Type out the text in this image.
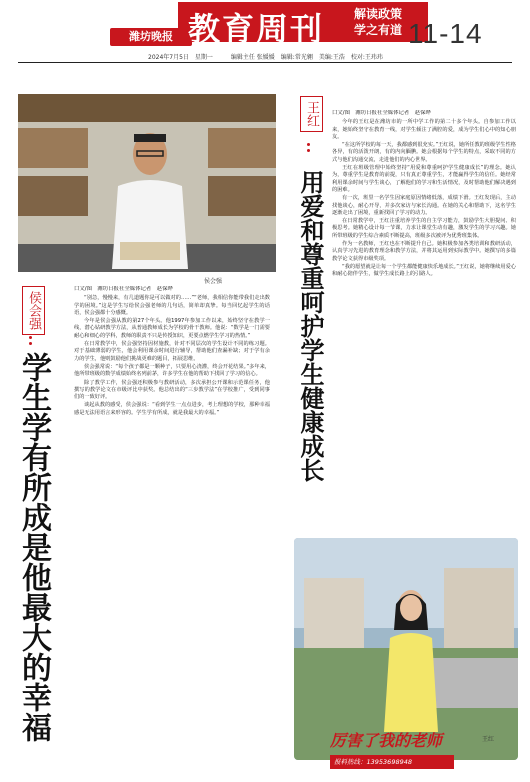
潍坊晚报 教育周刊 解读政策
学之有道 11-14
2024年7月5日　星期一　　　编辑主任 张媛媛　编辑:常光翱　美编:王浩　校对:王玮玮
侯会强
侯会强
学生学有所成是他最大的幸福
口文/图　潍坊日报社全媒体记者　赵保晔

“别急，慢慢来，有几道题你是可以做对的……”“老师，我相信你能带我们走出数学的困境。”这是学生写给侯会强老师的几句话，简单却真挚。每当回忆起学生的话语，侯会强都十分感慨。

今年是侯会强从教的第27个年头。他1997年参加工作以来，始终坚守在教学一线，潜心钻研教学方法，从普通教师成长为学校的骨干教师。他说：“数学是一门需要耐心和细心的学科，教师的职责不只是传授知识，更要点燃学生学习的热情。”

在日常教学中，侯会强坚持因材施教，针对不同层次的学生设计不同的练习题。对于基础薄弱的学生，他会利用课余时间进行辅导，帮助他们查漏补缺；对于学有余力的学生，他则鼓励他们挑战更难的题目，拓展思维。

侯会强常说：“每个孩子都是一颗种子，只要用心浇灌，终会开花结果。”多年来，他所带班级的数学成绩始终名列前茅，许多学生在他的帮助下找回了学习的信心。

除了教学工作，侯会强还积极参与教研活动，多次承担公开课和示范课任务，他撰写的教学论文在市级评比中获奖。他总结出的“三步教学法”在学校推广，受到同事们的一致好评。

谈起从教的感受，侯会强说：“看到学生一点点进步，考上理想的学校，那种幸福感是无法用语言来形容的。学生学有所成，就是我最大的幸福。”

王红
用爱和尊重呵护学生健康成长
口文/图　潍坊日报社全媒体记者　赵保晔

今年的王红是在潍坊市的一所中学工作的第二十多个年头。自参加工作以来，她始终坚守在教育一线，对学生倾注了满腔的爱，成为学生们心中的知心朋友。

“在这所学校的每一天，我都感到很充实。”王红说，她所任教的班级学生性格各异，有的活泼开朗，有的内向腼腆。她会根据每个学生的特点，采取不同的方式与他们沟通交流，走进他们的内心世界。

王红在班级管理中始终坚持“用爱和尊重呵护学生健康成长”的理念。她认为，尊重学生是教育的前提，只有真正尊重学生，才能赢得学生的信任。她经常利用课余时间与学生谈心，了解他们的学习和生活情况，及时帮助他们解决遇到的困难。

有一次，班里一名学生因家庭原因情绪低落，成绩下滑。王红发现后，主动找他谈心，耐心开导，并多次家访与家长沟通。在她的关心和帮助下，这名学生逐渐走出了困境，重新找回了学习的动力。

在日常教学中，王红注重培养学生的自主学习能力，鼓励学生大胆提问、积极思考。她精心设计每一节课，力求让课堂生动有趣，激发学生的学习兴趣。她所带班级的学生综合素质不断提高，班级多次被评为优秀班集体。

作为一名教师，王红也在不断提升自己。她积极参加各类培训和教研活动，认真学习先进的教育理念和教学方法，并将其运用到实际教学中。她撰写的多篇教学论文获得市级奖项。

“我的愿望就是让每一个学生都能健康快乐地成长。”王红说，她将继续用爱心和耐心陪伴学生，做学生成长路上的引路人。

王红
厉害了我的老师
报料热线：13953698948
